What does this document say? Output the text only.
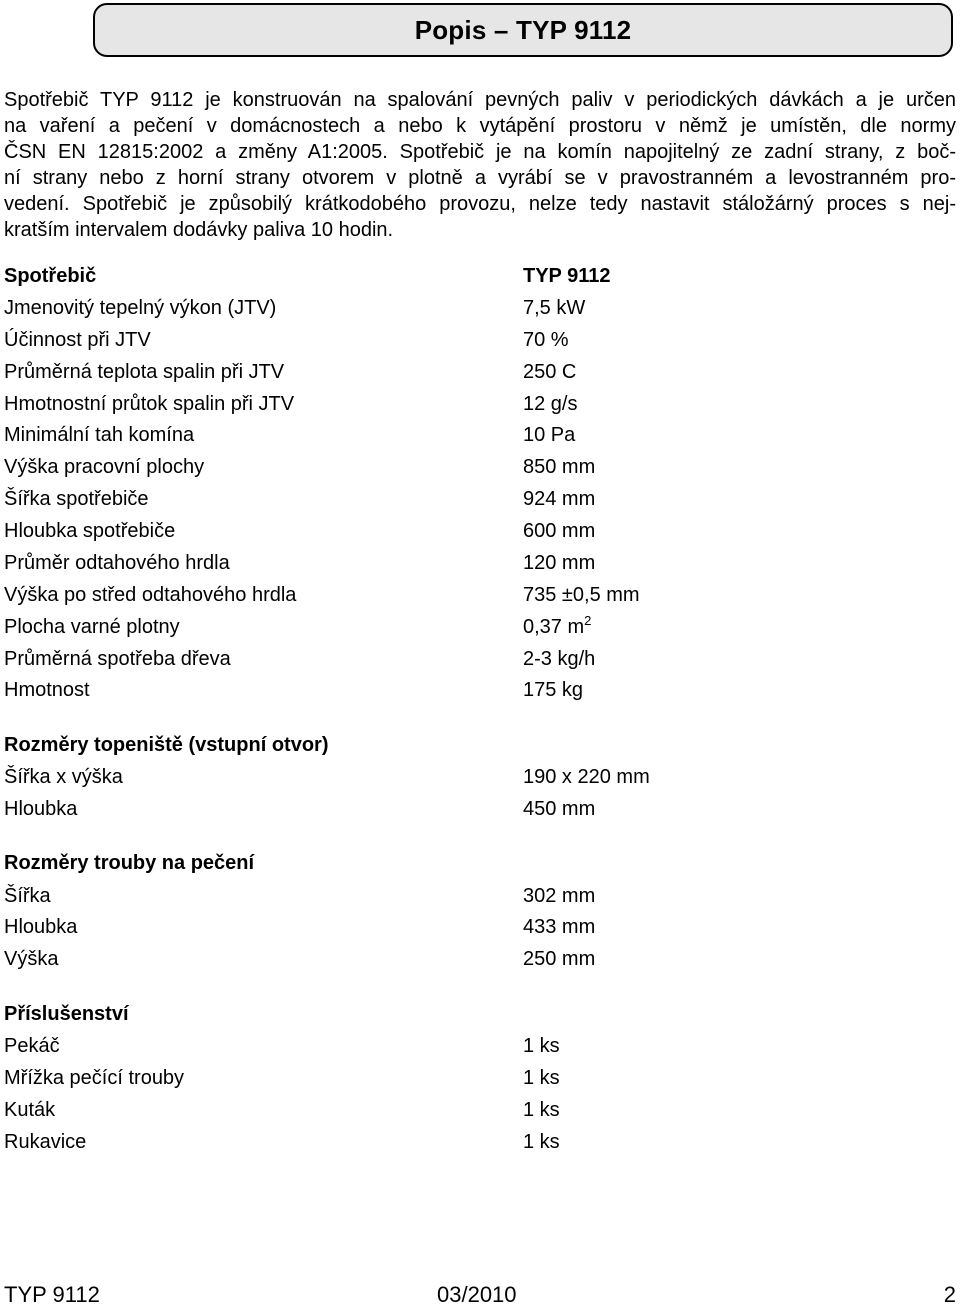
Popis – TYP 9112

Spotřebič TYP 9112 je konstruován na spalování pevných paliv v periodických dávkách a je určen
na vaření a pečení v domácnostech a nebo k vytápění prostoru v němž je umístěn, dle normy
ČSN EN 12815:2002 a změny A1:2005. Spotřebič je na komín napojitelný ze zadní strany, z boč-
ní strany nebo z horní strany otvorem v plotně a vyrábí se v pravostranném a levostranném pro-
vedení. Spotřebič je způsobilý krátkodobého provozu, nelze tedy nastavit stáložárný proces s nej-
kratším intervalem dodávky paliva 10 hodin.

Spotřebič	TYP 9112
Jmenovitý tepelný výkon (JTV)	7,5 kW
Účinnost při JTV	70 %
Průměrná teplota spalin při JTV	250 C
Hmotnostní průtok spalin při JTV	12 g/s
Minimální tah komína	10 Pa
Výška pracovní plochy	850 mm
Šířka spotřebiče	924 mm
Hloubka spotřebiče	600 mm
Průměr odtahového hrdla	120 mm
Výška po střed odtahového hrdla	735 ±0,5 mm
Plocha varné plotny	0,37 $m^2$
Průměrná spotřeba dřeva	2-3 kg/h
Hmotnost	175 kg
Rozměry topeniště (vstupní otvor)
Šířka x výška	190 x 220 mm
Hloubka	450 mm
Rozměry trouby na pečení
Šířka	302 mm
Hloubka	433 mm
Výška	250 mm
Příslušenství
Pekáč	1 ks
Mřížka pečící trouby	1 ks
Kuták	1 ks
Rukavice	1 ks
TYP 9112	03/2010	2
